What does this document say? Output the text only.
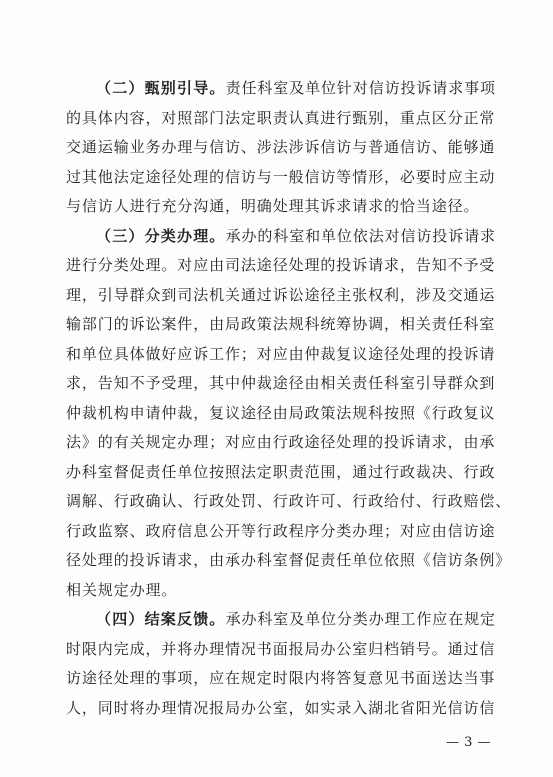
（二）甄别引导。责任科室及单位针对信访投诉请求事项
的具体内容，对照部门法定职责认真进行甄别，重点区分正常
交通运输业务办理与信访、涉法涉诉信访与普通信访、能够通
过其他法定途径处理的信访与一般信访等情形，必要时应主动
与信访人进行充分沟通，明确处理其诉求请求的恰当途径。
（三）分类办理。承办的科室和单位依法对信访投诉请求
进行分类处理。对应由司法途径处理的投诉请求，告知不予受
理，引导群众到司法机关通过诉讼途径主张权利，涉及交通运
输部门的诉讼案件，由局政策法规科统筹协调，相关责任科室
和单位具体做好应诉工作；对应由仲裁复议途径处理的投诉请
求，告知不予受理，其中仲裁途径由相关责任科室引导群众到
仲裁机构申请仲裁，复议途径由局政策法规科按照《行政复议
法》的有关规定办理；对应由行政途径处理的投诉请求，由承
办科室督促责任单位按照法定职责范围，通过行政裁决、行政
调解、行政确认、行政处罚、行政许可、行政给付、行政赔偿、
行政监察、政府信息公开等行政程序分类办理；对应由信访途
径处理的投诉请求，由承办科室督促责任单位依照《信访条例》
相关规定办理。
（四）结案反馈。承办科室及单位分类办理工作应在规定
时限内完成，并将办理情况书面报局办公室归档销号。通过信
访途径处理的事项，应在规定时限内将答复意见书面送达当事
人，同时将办理情况报局办公室，如实录入湖北省阳光信访信
— 3 —
